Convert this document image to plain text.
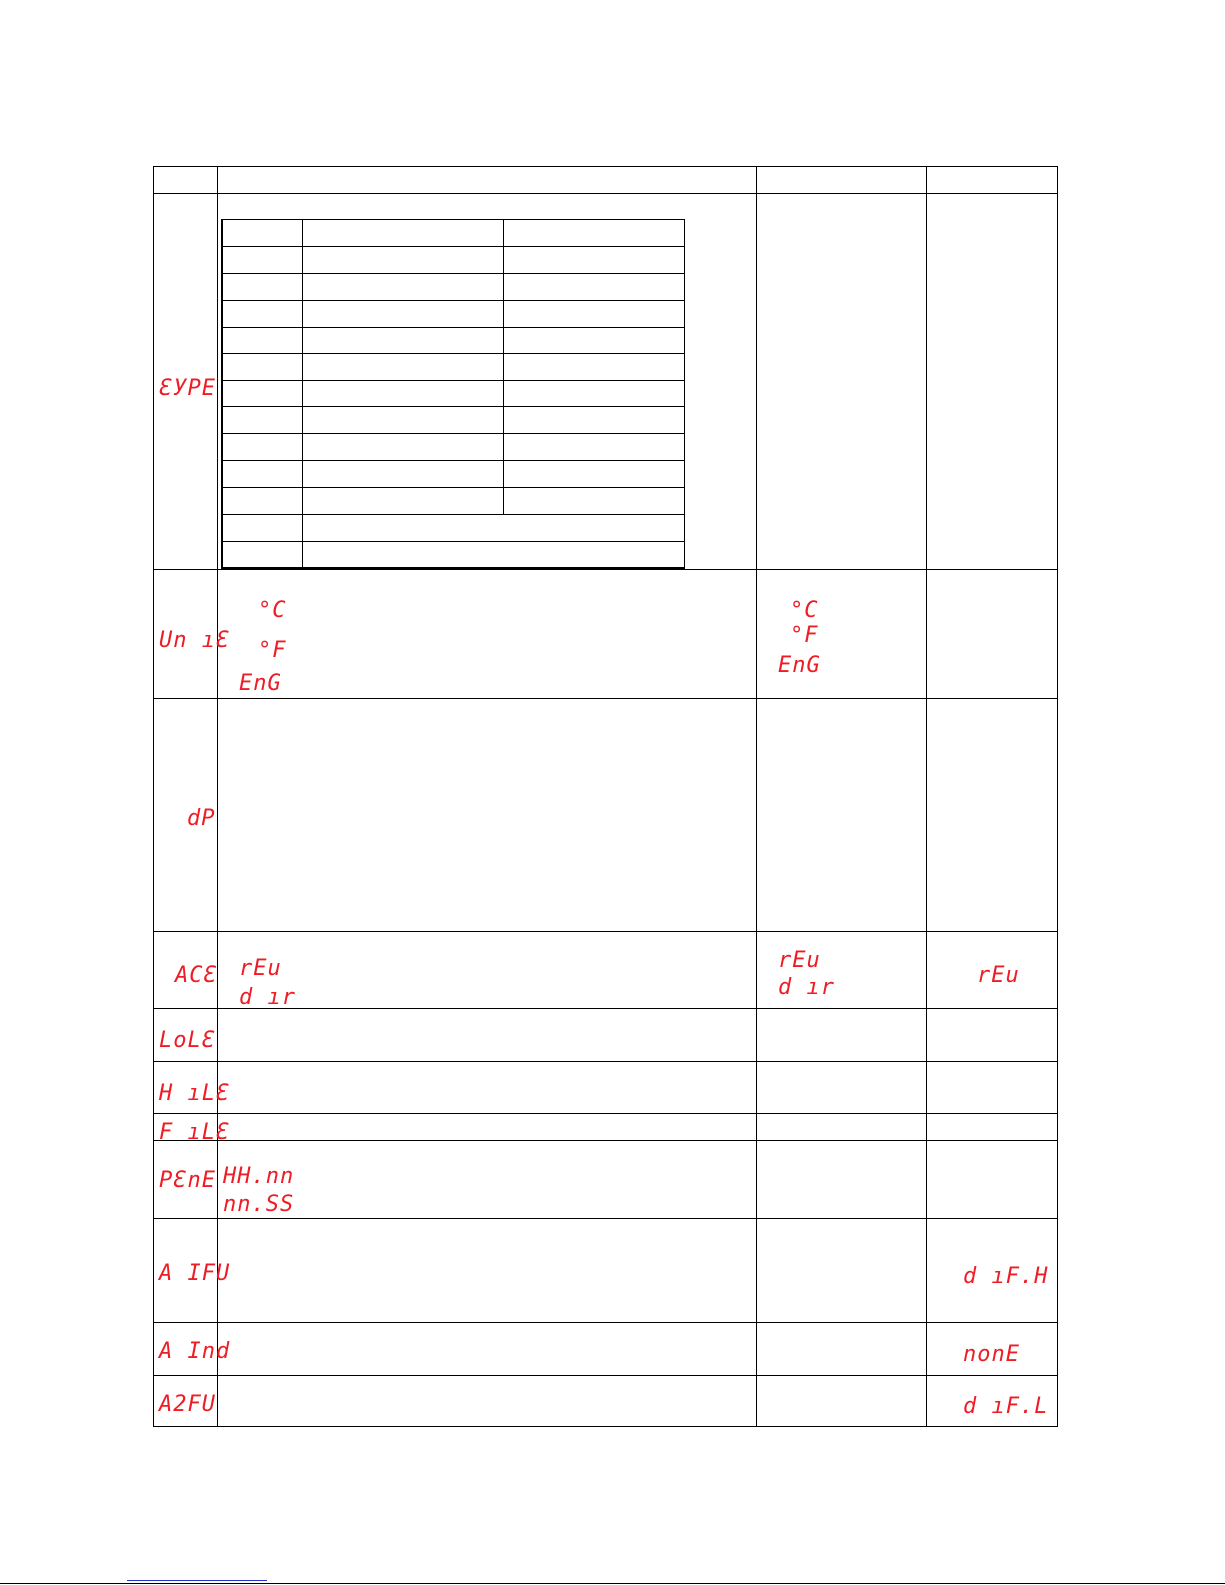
ƐУPE
Un ıƐ
dP
ACƐ
LoLƐ
H ıLƐ
F ıLƐ
PƐnE
A IFU
A Ind
A2FU
°C
°F
EnG
rEu
d ır
HH.nn
nn.SS
°C
°F
EnG
rEu
d ır	rEu
d ıF.H
nonE
d ıF.L
